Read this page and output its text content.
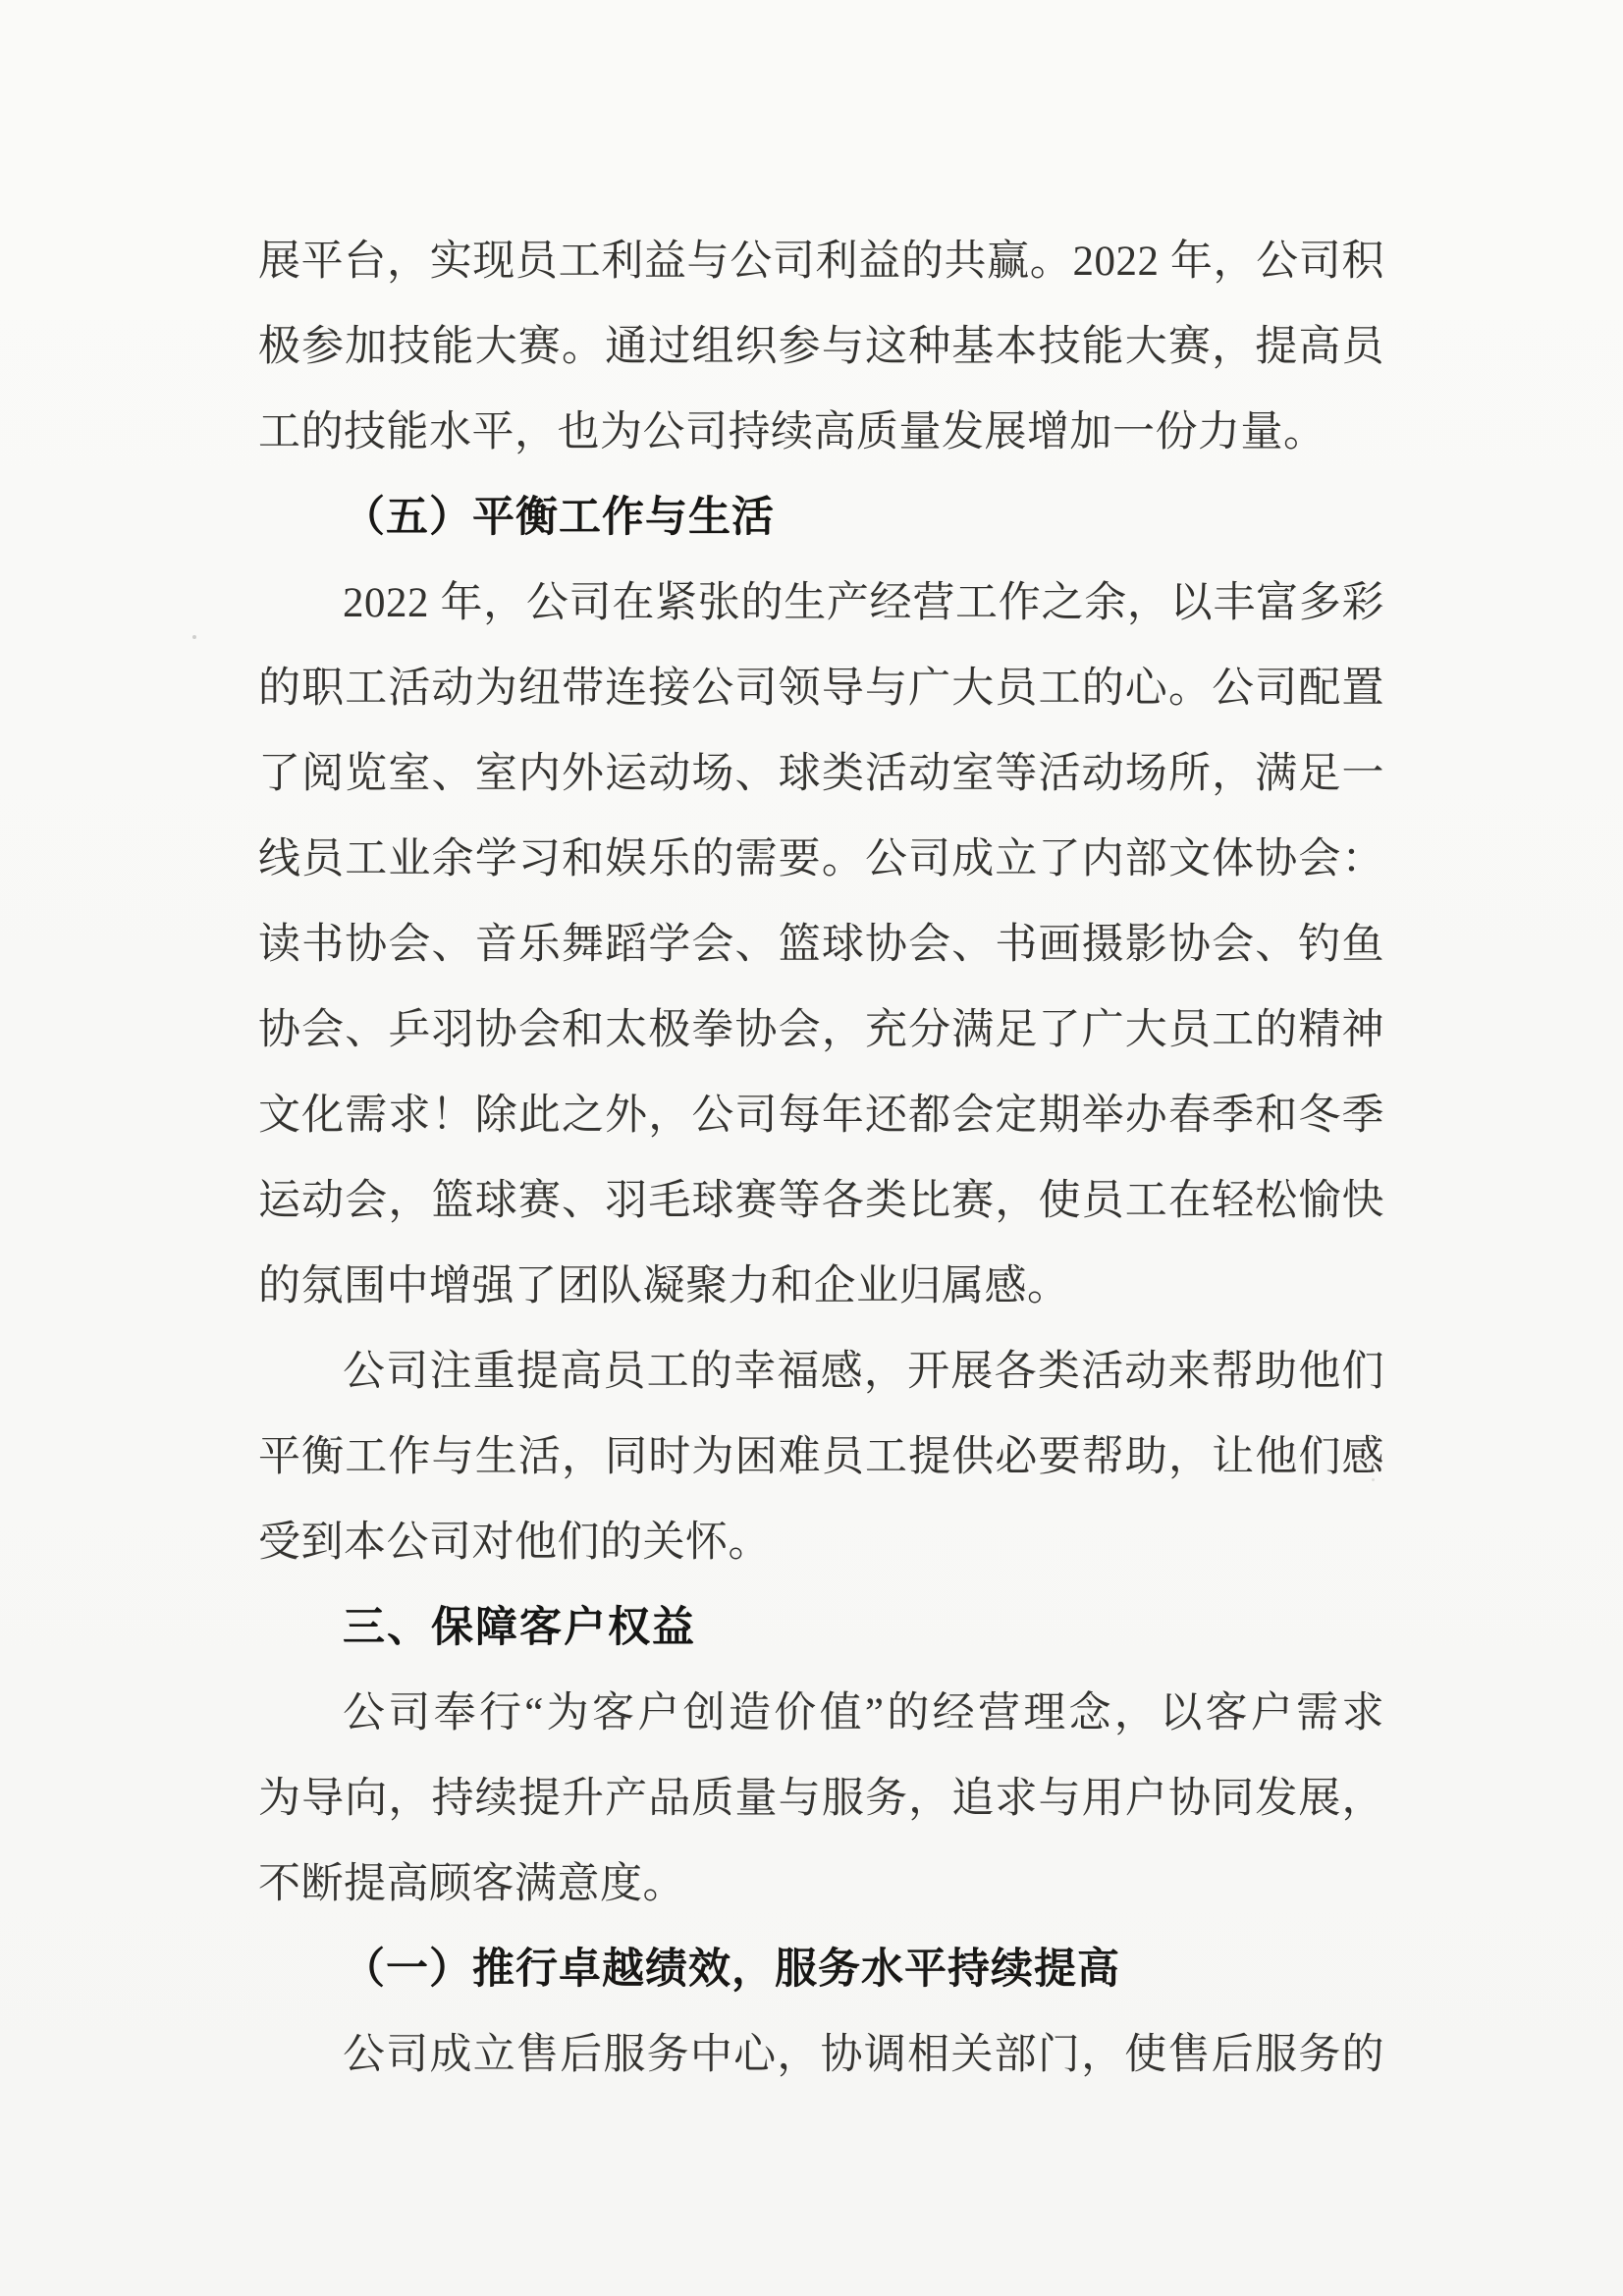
展平台，实现员工利益与公司利益的共赢。2022 年，公司积
极参加技能大赛。通过组织参与这种基本技能大赛，提高员
工的技能水平，也为公司持续高质量发展增加一份力量。
（五）平衡工作与生活
2022 年，公司在紧张的生产经营工作之余，以丰富多彩
的职工活动为纽带连接公司领导与广大员工的心。公司配置
了阅览室、室内外运动场、球类活动室等活动场所，满足一
线员工业余学习和娱乐的需要。公司成立了内部文体协会：
读书协会、音乐舞蹈学会、篮球协会、书画摄影协会、钓鱼
协会、乒羽协会和太极拳协会，充分满足了广大员工的精神
文化需求！除此之外，公司每年还都会定期举办春季和冬季
运动会，篮球赛、羽毛球赛等各类比赛，使员工在轻松愉快
的氛围中增强了团队凝聚力和企业归属感。
公司注重提高员工的幸福感，开展各类活动来帮助他们
平衡工作与生活，同时为困难员工提供必要帮助，让他们感
受到本公司对他们的关怀。
三、保障客户权益
公司奉行“为客户创造价值”的经营理念，以客户需求
为导向，持续提升产品质量与服务，追求与用户协同发展，
不断提高顾客满意度。
（一）推行卓越绩效，服务水平持续提高
公司成立售后服务中心，协调相关部门，使售后服务的
